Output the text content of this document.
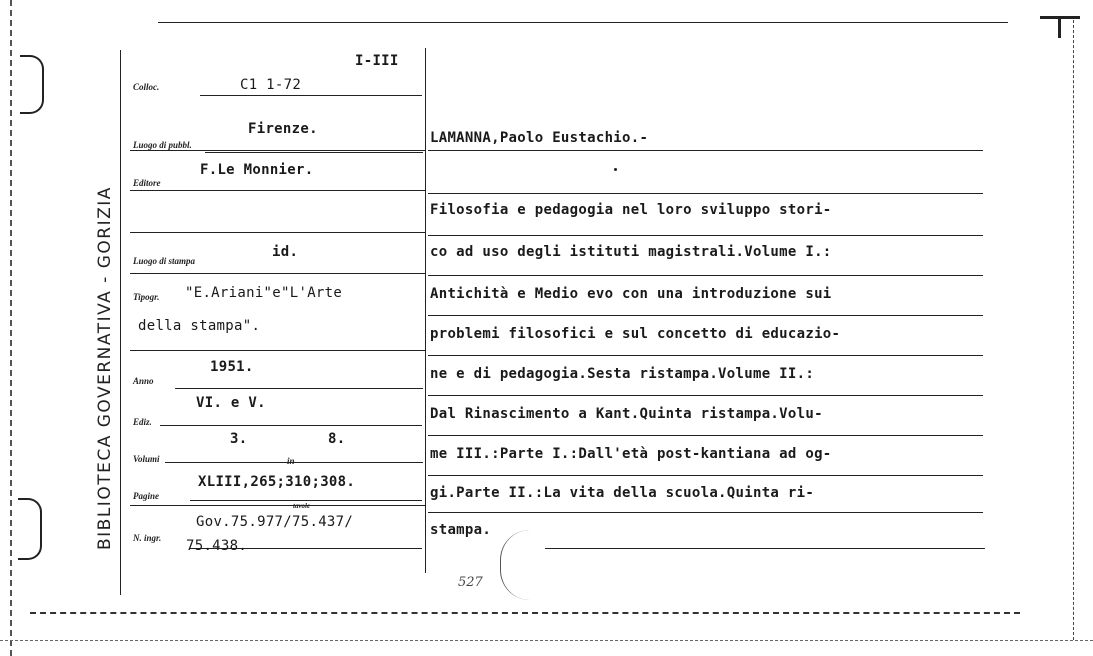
BIBLIOTECA GOVERNATIVA - GORIZIA
Colloc.
Luogo di pubbl.
Editore
Luogo di stampa
Tipogr.
Anno
Ediz.
Volumi	in
Pagine
tavole
N. ingr.
I-III
C1 1-72
Firenze.
F.Le Monnier.
id.
"E.Ariani"e"L'Arte
della stampa".
1951.
VI. e V.
3.	8.
XLIII,265;310;308.
Gov.75.977/75.437/
75.438.
LAMANNA,Paolo Eustachio.-
Filosofia e pedagogia nel loro sviluppo stori-
co ad uso degli istituti magistrali.Volume I.:
Antichità e Medio evo con una introduzione sui
problemi filosofici e sul concetto di educazio-
ne e di pedagogia.Sesta ristampa.Volume II.:
Dal Rinascimento a Kant.Quinta ristampa.Volu-
me III.:Parte I.:Dall'età post-kantiana ad og-
gi.Parte II.:La vita della scuola.Quinta ri-
stampa.
527
